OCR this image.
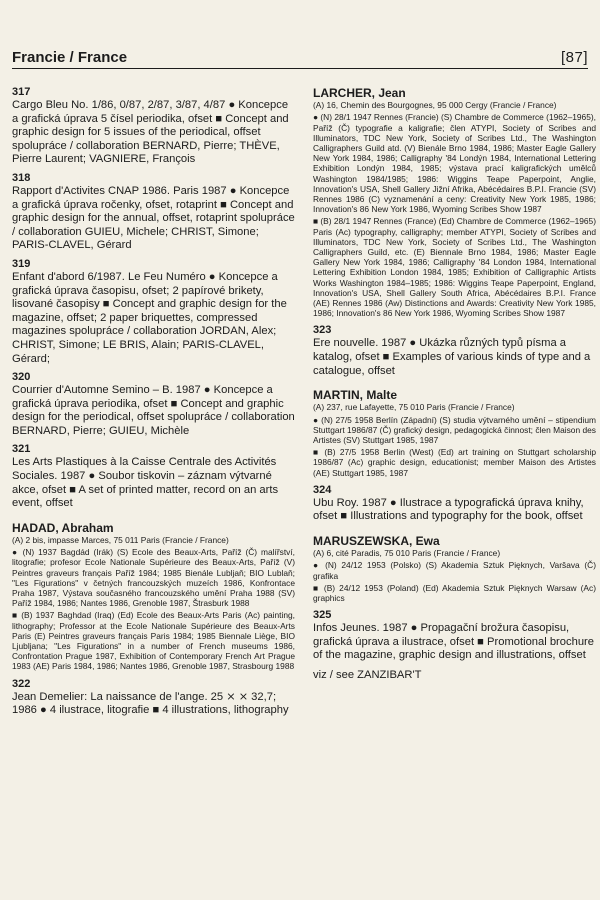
Francie / France	[87]
317
Cargo Bleu No. 1/86, 0/87, 2/87, 3/87, 4/87 ● Koncepce a grafická úprava 5 čísel periodika, ofset ■ Concept and graphic design for 5 issues of the periodical, offset spolupráce / collaboration BERNARD, Pierre; THÈVE, Pierre Laurent; VAGNIERE, François
318
Rapport d'Activites CNAP 1986. Paris 1987 ● Koncepce a grafická úprava ročenky, ofset, rotaprint ■ Concept and graphic design for the annual, offset, rotaprint spolupráce / collaboration GUIEU, Michele; CHRIST, Simone; PARIS-CLAVEL, Gérard
319
Enfant d'abord 6/1987. Le Feu Numéro ● Koncepce a grafická úprava časopisu, ofset; 2 papírové brikety, lisované časopisy ■ Concept and graphic design for the magazine, offset; 2 paper briquettes, compressed magazines spolupráce / collaboration JORDAN, Alex; CHRIST, Simone; LE BRIS, Alain; PARIS-CLAVEL, Gérard;
320
Courrier d'Automne Semino – B. 1987 ● Koncepce a grafická úprava periodika, ofset ■ Concept and graphic design for the periodical, offset spolupráce / collaboration BERNARD, Pierre; GUIEU, Michèle
321
Les Arts Plastiques à la Caisse Centrale des Activités Sociales. 1987 ● Soubor tiskovin – záznam výtvarné akce, ofset ■ A set of printed matter, record on an arts event, offset
HADAD, Abraham
(A) 2 bis, impasse Marces, 75 011 Paris (Francie / France)
● (N) 1937 Bagdád (Irák) (S) Ecole des Beaux-Arts, Paříž (Č) malířství, litografie; profesor Ecole Nationale Supérieure des Beaux-Arts, Paříž (V) Peintres graveurs français Paříž 1984; 1985 Bienále Lubljaň; BIO Lublaň; "Les Figurations" v četných francouzských muzeích 1986, Konfrontace Praha 1987, Výstava současného francouzského umění Praha 1988 (SV) Paříž 1984, 1986; Nantes 1986, Grenoble 1987, Štrasburk 1988
■ (B) 1937 Baghdad (Iraq) (Ed) Ecole des Beaux-Arts Paris (Ac) painting, lithography; Professor at the Ecole Nationale Supérieure des Beaux-Arts Paris (E) Peintres graveurs français Paris 1984; 1985 Biennale Liège, BIO Ljubljana; "Les Figurations" in a number of French museums 1986, Confrontation Prague 1987, Exhibition of Contemporary French Art Prague 1983 (AE) Paris 1984, 1986; Nantes 1986, Grenoble 1987, Strasbourg 1988
322
Jean Demelier: La naissance de l'ange. 25 ⨯ ⨯ 32,7; 1986 ● 4 ilustrace, litografie ■ 4 illustrations, lithography
LARCHER, Jean
(A) 16, Chemin des Bourgognes, 95 000 Cergy (Francie / France)
● (N) 28/1 1947 Rennes (Francie) (S) Chambre de Commerce (1962–1965), Paříž (Č) typografie a kaligrafie; člen ATYPI, Society of Scribes and Illuminators, TDC New York, Society of Scribes Ltd., The Washington Calligraphers Guild atd. (V) Bienále Brno 1984, 1986; Master Eagle Gallery New York 1984, 1986; Calligraphy '84 Londýn 1984, International Lettering Exhibition Londýn 1984, 1985; výstava prací kaligrafických umělců Washington 1984/1985; 1986: Wiggins Teape Paperpoint, Anglie, Innovation's USA, Shell Gallery Jižní Afrika, Abécédaires B.P.I. Francie (SV) Rennes 1986 (C) vyznamenání a ceny: Creativity New York 1985, 1986; Innovation's 86 New York 1986, Wyoming Scribes Show 1987
■ (B) 28/1 1947 Rennes (France) (Ed) Chambre de Commerce (1962–1965) Paris (Ac) typography, calligraphy; member ATYPI, Society of Scribes and Illuminators, TDC New York, Society of Scribes Ltd., The Washington Calligraphers Guild, etc. (E) Biennale Brno 1984, 1986; Master Eagle Gallery New York 1984, 1986; Calligraphy '84 London 1984, International Lettering Exhibition London 1984, 1985; Exhibition of Calligraphic Artists Works Washington 1984–1985; 1986: Wiggins Teape Paperpoint, England, Innovation's USA, Shell Gallery South Africa, Abécédaires B.P.I. France (AE) Rennes 1986 (Aw) Distinctions and Awards: Creativity New York 1985, 1986; Innovation's 86 New York 1986, Wyoming Scribes Show 1987
323
Ere nouvelle. 1987 ● Ukázka různých typů písma a katalog, ofset ■ Examples of various kinds of type and a catalogue, offset
MARTIN, Malte
(A) 237, rue Lafayette, 75 010 Paris (Francie / France)
● (N) 27/5 1958 Berlín (Západní) (S) studia výtvarného umění – stipendium Stuttgart 1986/87 (Č) grafický design, pedagogická činnost; člen Maison des Artistes (SV) Stuttgart 1985, 1987
■ (B) 27/5 1958 Berlin (West) (Ed) art training on Stuttgart scholarship 1986/87 (Ac) graphic design, educationist; member Maison des Artistes (AE) Stuttgart 1985, 1987
324
Ubu Roy. 1987 ● Ilustrace a typografická úprava knihy, ofset ■ Illustrations and typography for the book, offset
MARUSZEWSKA, Ewa
(A) 6, cité Paradis, 75 010 Paris (Francie / France)
● (N) 24/12 1953 (Polsko) (S) Akademia Sztuk Pięknych, Varšava (Č) grafika
■ (B) 24/12 1953 (Poland) (Ed) Akademia Sztuk Pięknych Warsaw (Ac) graphics
325
Infos Jeunes. 1987 ● Propagační brožura časopisu, grafická úprava a ilustrace, ofset ■ Promotional brochure of the magazine, graphic design and illustrations, offset
viz / see ZANZIBAR'T
